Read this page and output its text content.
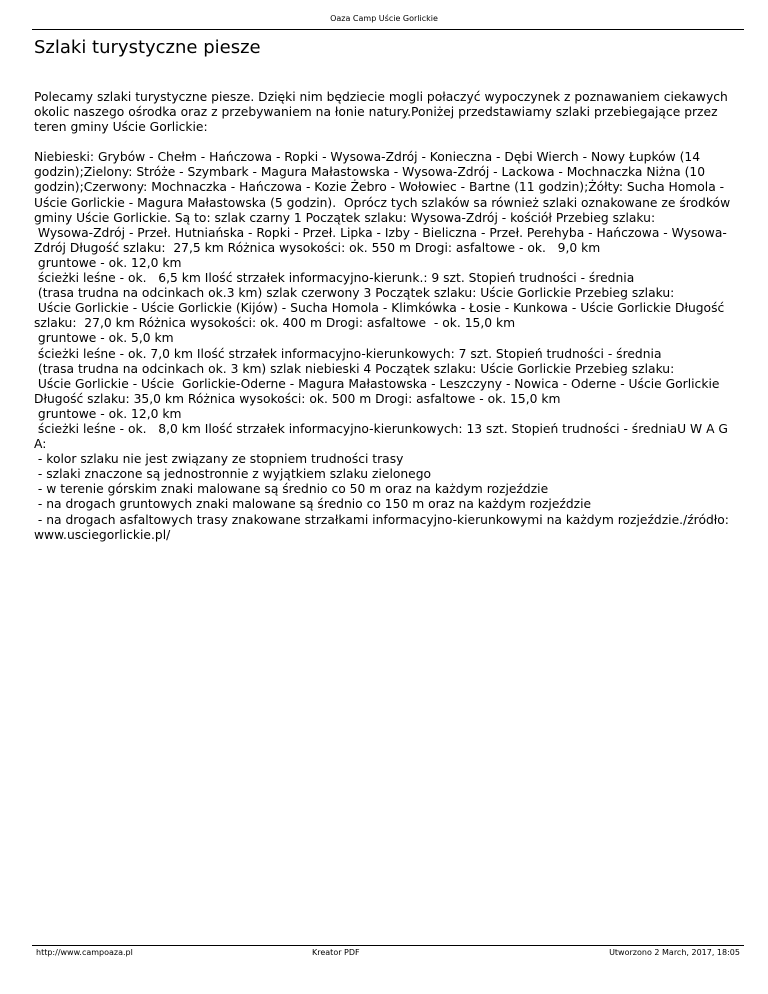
Oaza Camp Uście Gorlickie
Szlaki turystyczne piesze

Polecamy szlaki turystyczne piesze. Dzięki nim będziecie mogli połaczyć wypoczynek z poznawaniem ciekawych okolic naszego ośrodka oraz z przebywaniem na łonie natury.Poniżej przedstawiamy szlaki przebiegające przez teren gminy Uście Gorlickie:

Niebieski: Grybów - Chełm - Hańczowa - Ropki - Wysowa-Zdrój - Konieczna - Dębi Wierch - Nowy Łupków (14 godzin);Zielony: Stróże - Szymbark - Magura Małastowska - Wysowa-Zdrój - Lackowa - Mochnaczka Niżna (10 godzin);Czerwony: Mochnaczka - Hańczowa - Kozie Żebro - Wołowiec - Bartne (11 godzin);Żółty: Sucha Homola - Uście Gorlickie - Magura Małastowska (5 godzin).  Oprócz tych szlaków sa również szlaki oznakowane ze środków gminy Uście Gorlickie. Są to: szlak czarny 1 Początek szlaku: Wysowa-Zdrój - kościół Przebieg szlaku:
Wysowa-Zdrój - Przeł. Hutniańska - Ropki - Przeł. Lipka - Izby - Bieliczna - Przeł. Perehyba - Hańczowa - Wysowa-Zdrój Długość szlaku:  27,5 km Różnica wysokości: ok. 550 m Drogi: asfaltowe - ok.   9,0 km
gruntowe - ok. 12,0 km
ścieżki leśne - ok.   6,5 km Ilość strzałek informacyjno-kierunk.: 9 szt. Stopień trudności - średnia
(trasa trudna na odcinkach ok.3 km) szlak czerwony 3 Początek szlaku: Uście Gorlickie Przebieg szlaku:
Uście Gorlickie - Uście Gorlickie (Kijów) - Sucha Homola - Klimkówka - Łosie - Kunkowa - Uście Gorlickie Długość szlaku:  27,0 km Różnica wysokości: ok. 400 m Drogi: asfaltowe  - ok. 15,0 km
gruntowe - ok. 5,0 km
ścieżki leśne - ok. 7,0 km Ilość strzałek informacyjno-kierunkowych: 7 szt. Stopień trudności - średnia
(trasa trudna na odcinkach ok. 3 km) szlak niebieski 4 Początek szlaku: Uście Gorlickie Przebieg szlaku:
Uście Gorlickie - Uście  Gorlickie-Oderne - Magura Małastowska - Leszczyny - Nowica - Oderne - Uście Gorlickie Długość szlaku: 35,0 km Różnica wysokości: ok. 500 m Drogi: asfaltowe - ok. 15,0 km
gruntowe - ok. 12,0 km
ścieżki leśne - ok.   8,0 km Ilość strzałek informacyjno-kierunkowych: 13 szt. Stopień trudności - średniaU W A G A:
- kolor szlaku nie jest związany ze stopniem trudności trasy
- szlaki znaczone są jednostronnie z wyjątkiem szlaku zielonego
- w terenie górskim znaki malowane są średnio co 50 m oraz na każdym rozjeździe
- na drogach gruntowych znaki malowane są średnio co 150 m oraz na każdym rozjeździe
- na drogach asfaltowych trasy znakowane strzałkami informacyjno-kierunkowymi na każdym rozjeździe./źródło: www.usciegorlickie.pl/

http://www.campoaza.pl	Kreator PDF	Utworzono 2 March, 2017, 18:05
